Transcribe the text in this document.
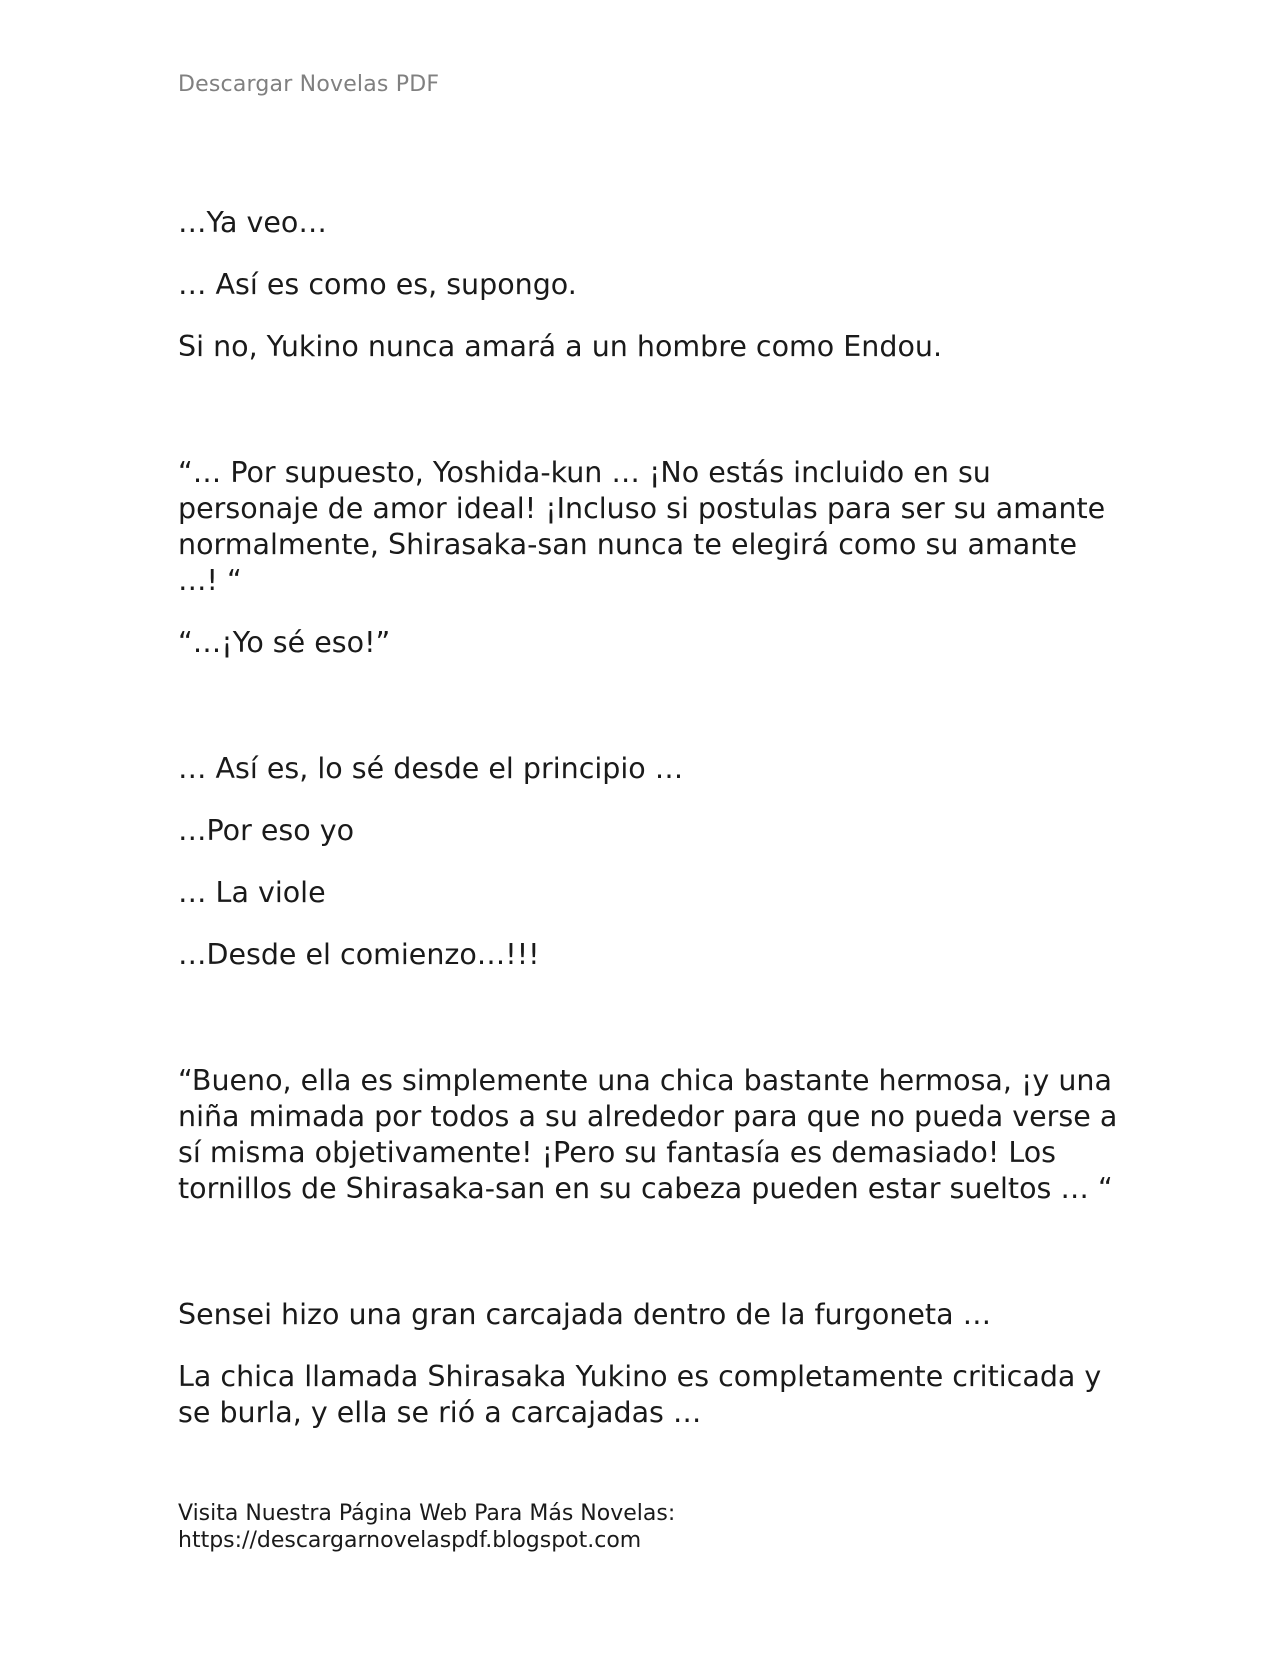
Descargar Novelas PDF

…Ya veo…

… Así es como es, supongo.

Si no, Yukino nunca amará a un hombre como Endou.

“… Por supuesto, Yoshida-kun … ¡No estás incluido en su personaje de amor ideal! ¡Incluso si postulas para ser su amante normalmente, Shirasaka-san nunca te elegirá como su amante …! “

“…¡Yo sé eso!”

… Así es, lo sé desde el principio …

…Por eso yo

… La viole

…Desde el comienzo…!!!

“Bueno, ella es simplemente una chica bastante hermosa, ¡y una niña mimada por todos a su alrededor para que no pueda verse a sí misma objetivamente! ¡Pero su fantasía es demasiado! Los tornillos de Shirasaka-san en su cabeza pueden estar sueltos … “

Sensei hizo una gran carcajada dentro de la furgoneta …

La chica llamada Shirasaka Yukino es completamente criticada y se burla, y ella se rió a carcajadas …

Visita Nuestra Página Web Para Más Novelas:
https://descargarnovelaspdf.blogspot.com
